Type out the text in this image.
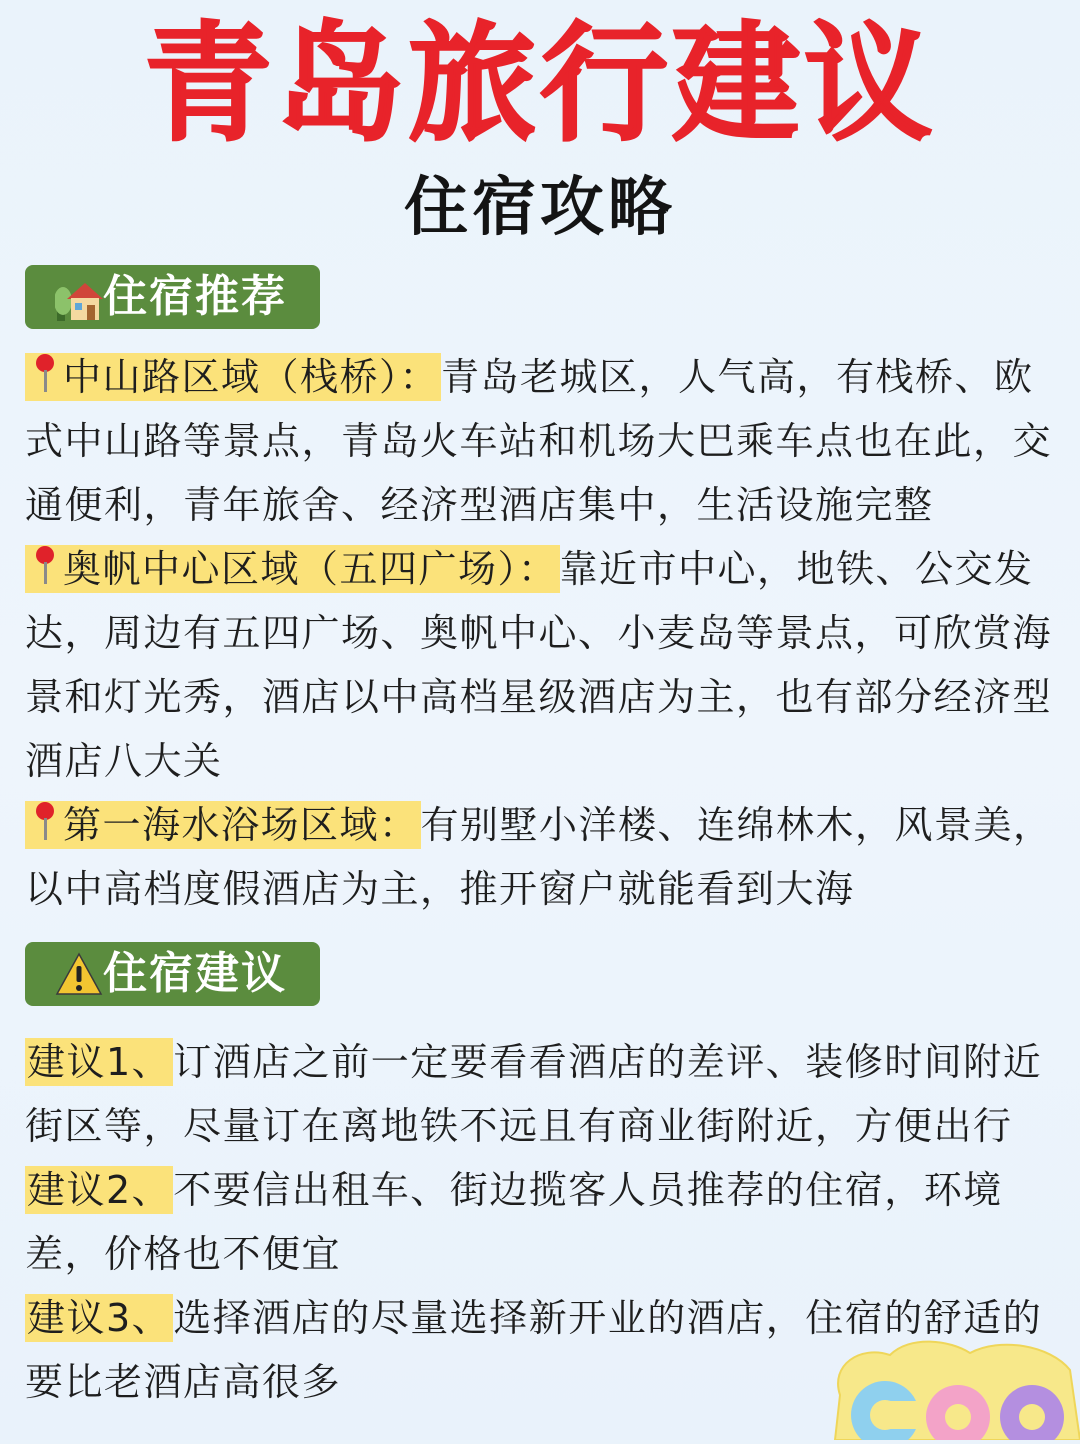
青岛旅行建议
住宿攻略
住宿推荐

中山路区域（栈桥）：青岛老城区，人气高，有栈桥、欧式中山路等景点，青岛火车站和机场大巴乘车点也在此，交通便利，青年旅舍、经济型酒店集中，生活设施完整

奥帆中心区域（五四广场）：靠近市中心，地铁、公交发达，周边有五四广场、奥帆中心、小麦岛等景点，可欣赏海景和灯光秀，酒店以中高档星级酒店为主，也有部分经济型酒店八大关

第一海水浴场区域：有别墅小洋楼、连绵林木，风景美，以中高档度假酒店为主，推开窗户就能看到大海

住宿建议

建议1、订酒店之前一定要看看酒店的差评、装修时间附近街区等，尽量订在离地铁不远且有商业街附近，方便出行

建议2、不要信出租车、街边揽客人员推荐的住宿，环境差，价格也不便宜

建议3、选择酒店的尽量选择新开业的酒店，住宿的舒适的要比老酒店高很多
